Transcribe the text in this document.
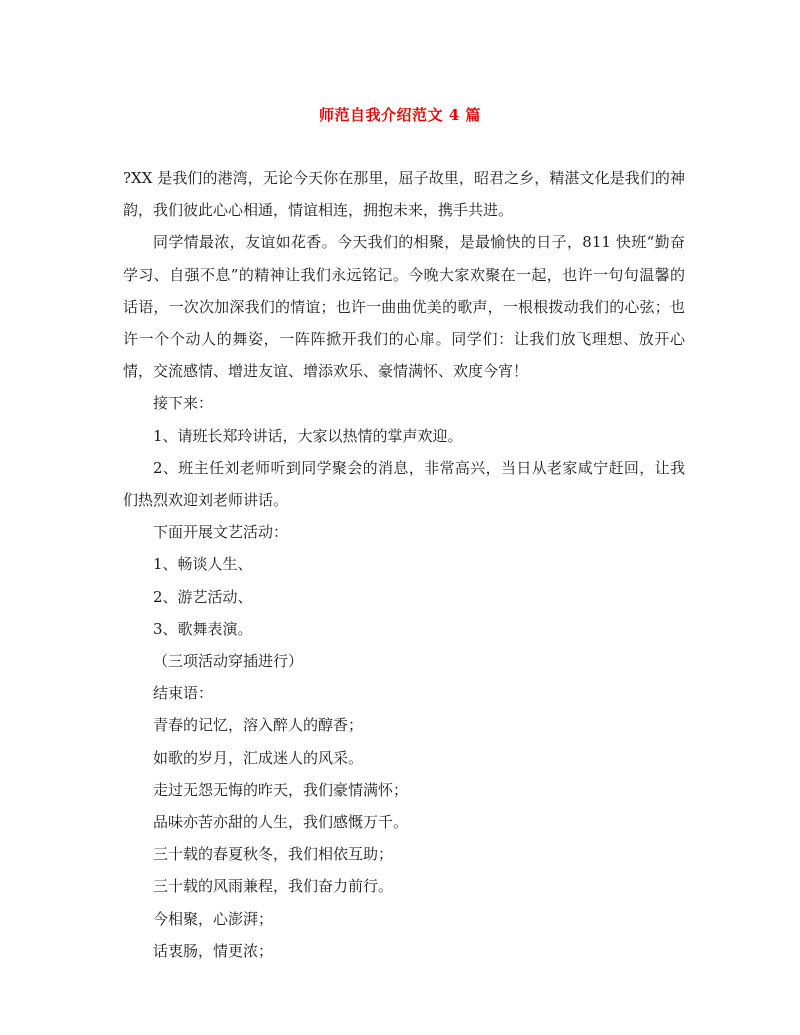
师范自我介绍范文 4 篇

?XX 是我们的港湾，无论今天你在那里，屈子故里，昭君之乡，精湛文化是我们的神韵，我们彼此心心相通，情谊相连，拥抱未来，携手共进。

同学情最浓，友谊如花香。今天我们的相聚，是最愉快的日子，811 快班“勤奋学习、自强不息”的精神让我们永远铭记。今晚大家欢聚在一起，也许一句句温馨的话语，一次次加深我们的情谊；也许一曲曲优美的歌声，一根根拨动我们的心弦；也许一个个动人的舞姿，一阵阵掀开我们的心扉。同学们：让我们放飞理想、放开心情，交流感情、增进友谊、增添欢乐、豪情满怀、欢度今宵！

接下来：

1、请班长郑玲讲话，大家以热情的掌声欢迎。

2、班主任刘老师听到同学聚会的消息，非常高兴，当日从老家咸宁赶回，让我们热烈欢迎刘老师讲话。

下面开展文艺活动：

1、畅谈人生、

2、游艺活动、

3、歌舞表演。

（三项活动穿插进行）

结束语：

青春的记忆，溶入醉人的醇香；

如歌的岁月，汇成迷人的风采。

走过无怨无悔的昨天，我们豪情满怀；

品味亦苦亦甜的人生，我们感慨万千。

三十载的春夏秋冬，我们相依互助；

三十载的风雨兼程，我们奋力前行。

今相聚，心澎湃；

话衷肠，情更浓；
